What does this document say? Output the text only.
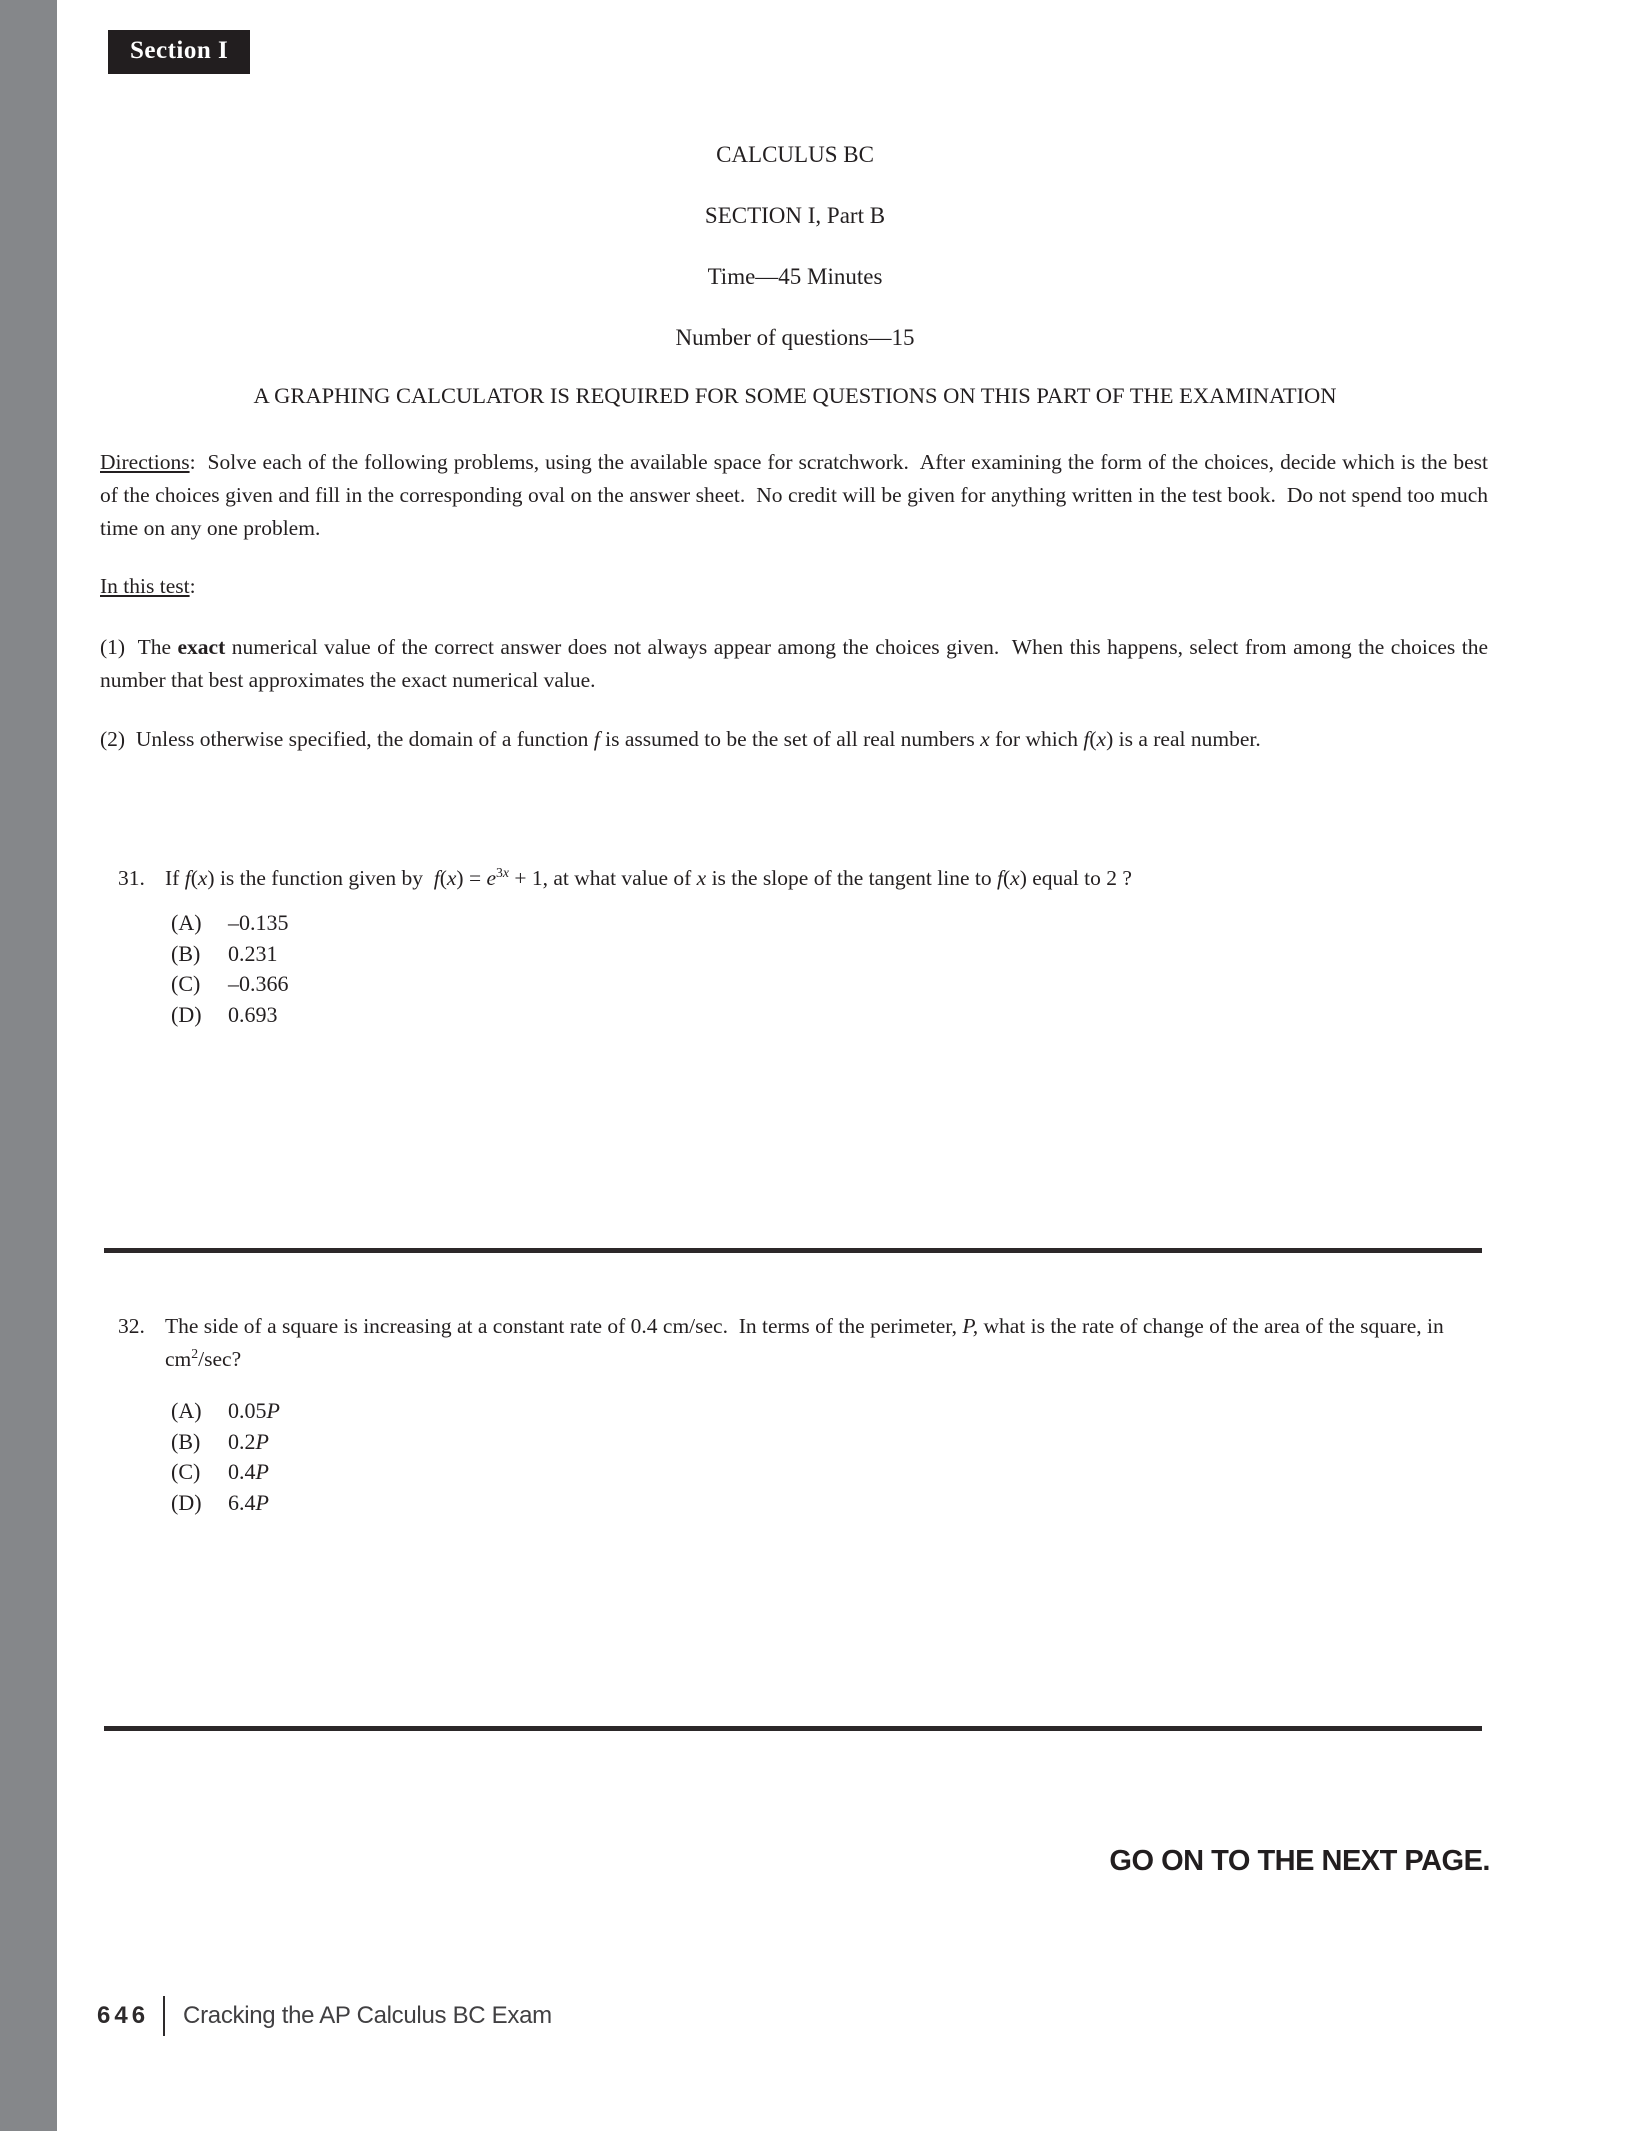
Section I
CALCULUS BC
SECTION I, Part B
Time—45 Minutes
Number of questions—15
A GRAPHING CALCULATOR IS REQUIRED FOR SOME QUESTIONS ON THIS PART OF THE EXAMINATION
Directions:  Solve each of the following problems, using the available space for scratchwork.  After examining the form of the choices, decide which is the best of the choices given and fill in the corresponding oval on the answer sheet.  No credit will be given for anything written in the test book.  Do not spend too much time on any one problem.
In this test:
(1)  The exact numerical value of the correct answer does not always appear among the choices given.  When this happens, select from among the choices the number that best approximates the exact numerical value.
(2)  Unless otherwise specified, the domain of a function f is assumed to be the set of all real numbers x for which f(x) is a real number.
31. If f(x) is the function given by  $f(x) = e^{3x} + 1$, at what value of x is the slope of the tangent line to f(x) equal to 2 ?
(A)	–0.135
(B)	0.231
(C)	–0.366
(D)	0.693
32. The side of a square is increasing at a constant rate of 0.4 cm/sec.  In terms of the perimeter, P, what is the rate of change of the area of the square, in $cm^2/\sec$?
(A)	0.05P
(B)	0.2P
(C)	0.4P
(D)	6.4P
GO ON TO THE NEXT PAGE.
646 Cracking the AP Calculus BC Exam
